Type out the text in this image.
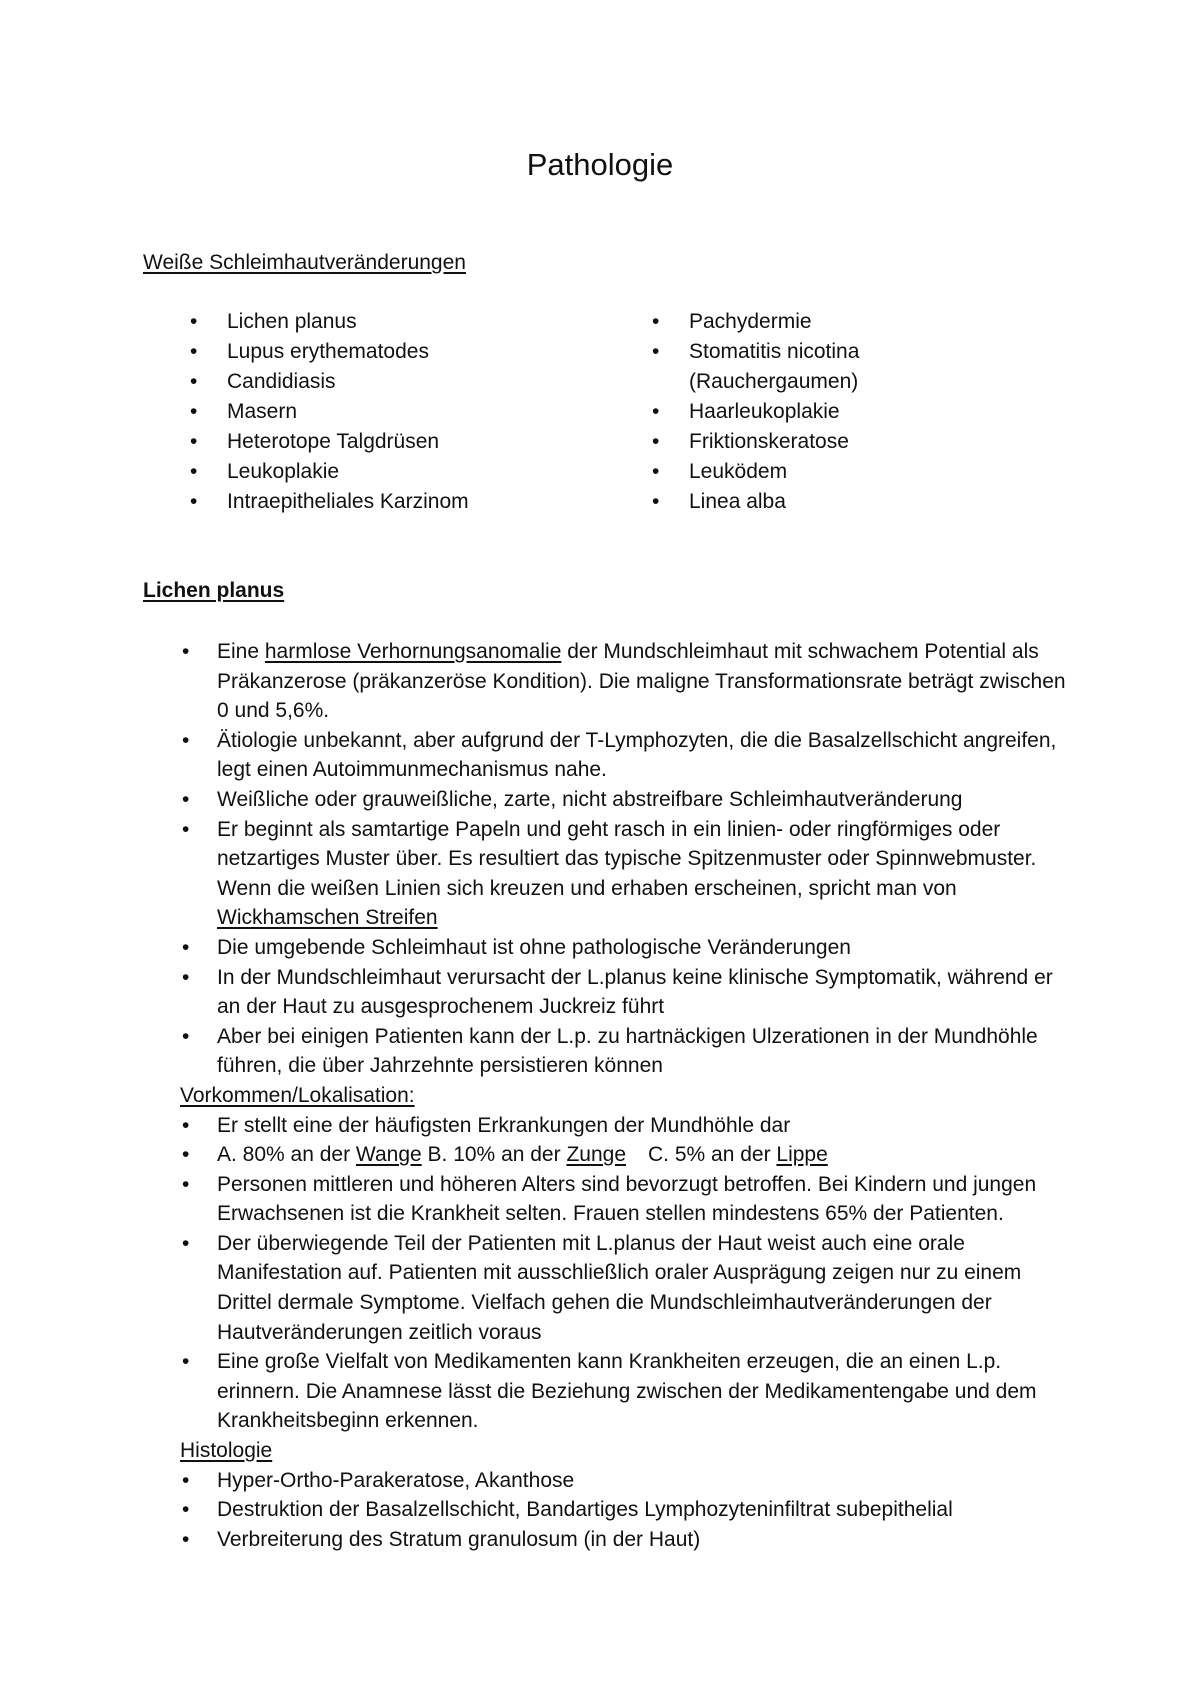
Pathologie
Weiße Schleimhautveränderungen
• Lichen planus
• Lupus erythematodes
• Candidiasis
• Masern
• Heterotope Talgdrüsen
• Leukoplakie
• Intraepitheliales Karzinom
• Pachydermie
• Stomatitis nicotina (Rauchergaumen)
• Haarleukoplakie
• Friktionskeratose
• Leuködem
• Linea alba
Lichen planus
• Eine harmlose Verhornungsanomalie der Mundschleimhaut mit schwachem Potential als Präkanzerose (präkanzeröse Kondition). Die maligne Transformationsrate beträgt zwischen 0 und 5,6%.
• Ätiologie unbekannt, aber aufgrund der T-Lymphozyten, die die Basalzellschicht angreifen, legt einen Autoimmunmechanismus nahe.
• Weißliche oder grauweißliche, zarte, nicht abstreifbare Schleimhautveränderung
• Er beginnt als samtartige Papeln und geht rasch in ein linien- oder ringförmiges oder netzartiges Muster über. Es resultiert das typische Spitzenmuster oder Spinnwebmuster. Wenn die weißen Linien sich kreuzen und erhaben erscheinen, spricht man von Wickhamschen Streifen
• Die umgebende Schleimhaut ist ohne pathologische Veränderungen
• In der Mundschleimhaut verursacht der L.planus keine klinische Symptomatik, während er an der Haut zu ausgesprochenem Juckreiz führt
• Aber bei einigen Patienten kann der L.p. zu hartnäckigen Ulzerationen in der Mundhöhle führen, die über Jahrzehnte persistieren können

Vorkommen/Lokalisation:

• Er stellt eine der häufigsten Erkrankungen der Mundhöhle dar
• A. 80% an der Wange B. 10% an der Zunge C. 5% an der Lippe
• Personen mittleren und höheren Alters sind bevorzugt betroffen. Bei Kindern und jungen Erwachsenen ist die Krankheit selten. Frauen stellen mindestens 65% der Patienten.
• Der überwiegende Teil der Patienten mit L.planus der Haut weist auch eine orale Manifestation auf. Patienten mit ausschließlich oraler Ausprägung zeigen nur zu einem Drittel dermale Symptome. Vielfach gehen die Mundschleimhautveränderungen der Hautveränderungen zeitlich voraus
• Eine große Vielfalt von Medikamenten kann Krankheiten erzeugen, die an einen L.p. erinnern. Die Anamnese lässt die Beziehung zwischen der Medikamentengabe und dem Krankheitsbeginn erkennen.

Histologie

• Hyper-Ortho-Parakeratose, Akanthose
• Destruktion der Basalzellschicht, Bandartiges Lymphozyteninfiltrat subepithelial
• Verbreiterung des Stratum granulosum (in der Haut)
